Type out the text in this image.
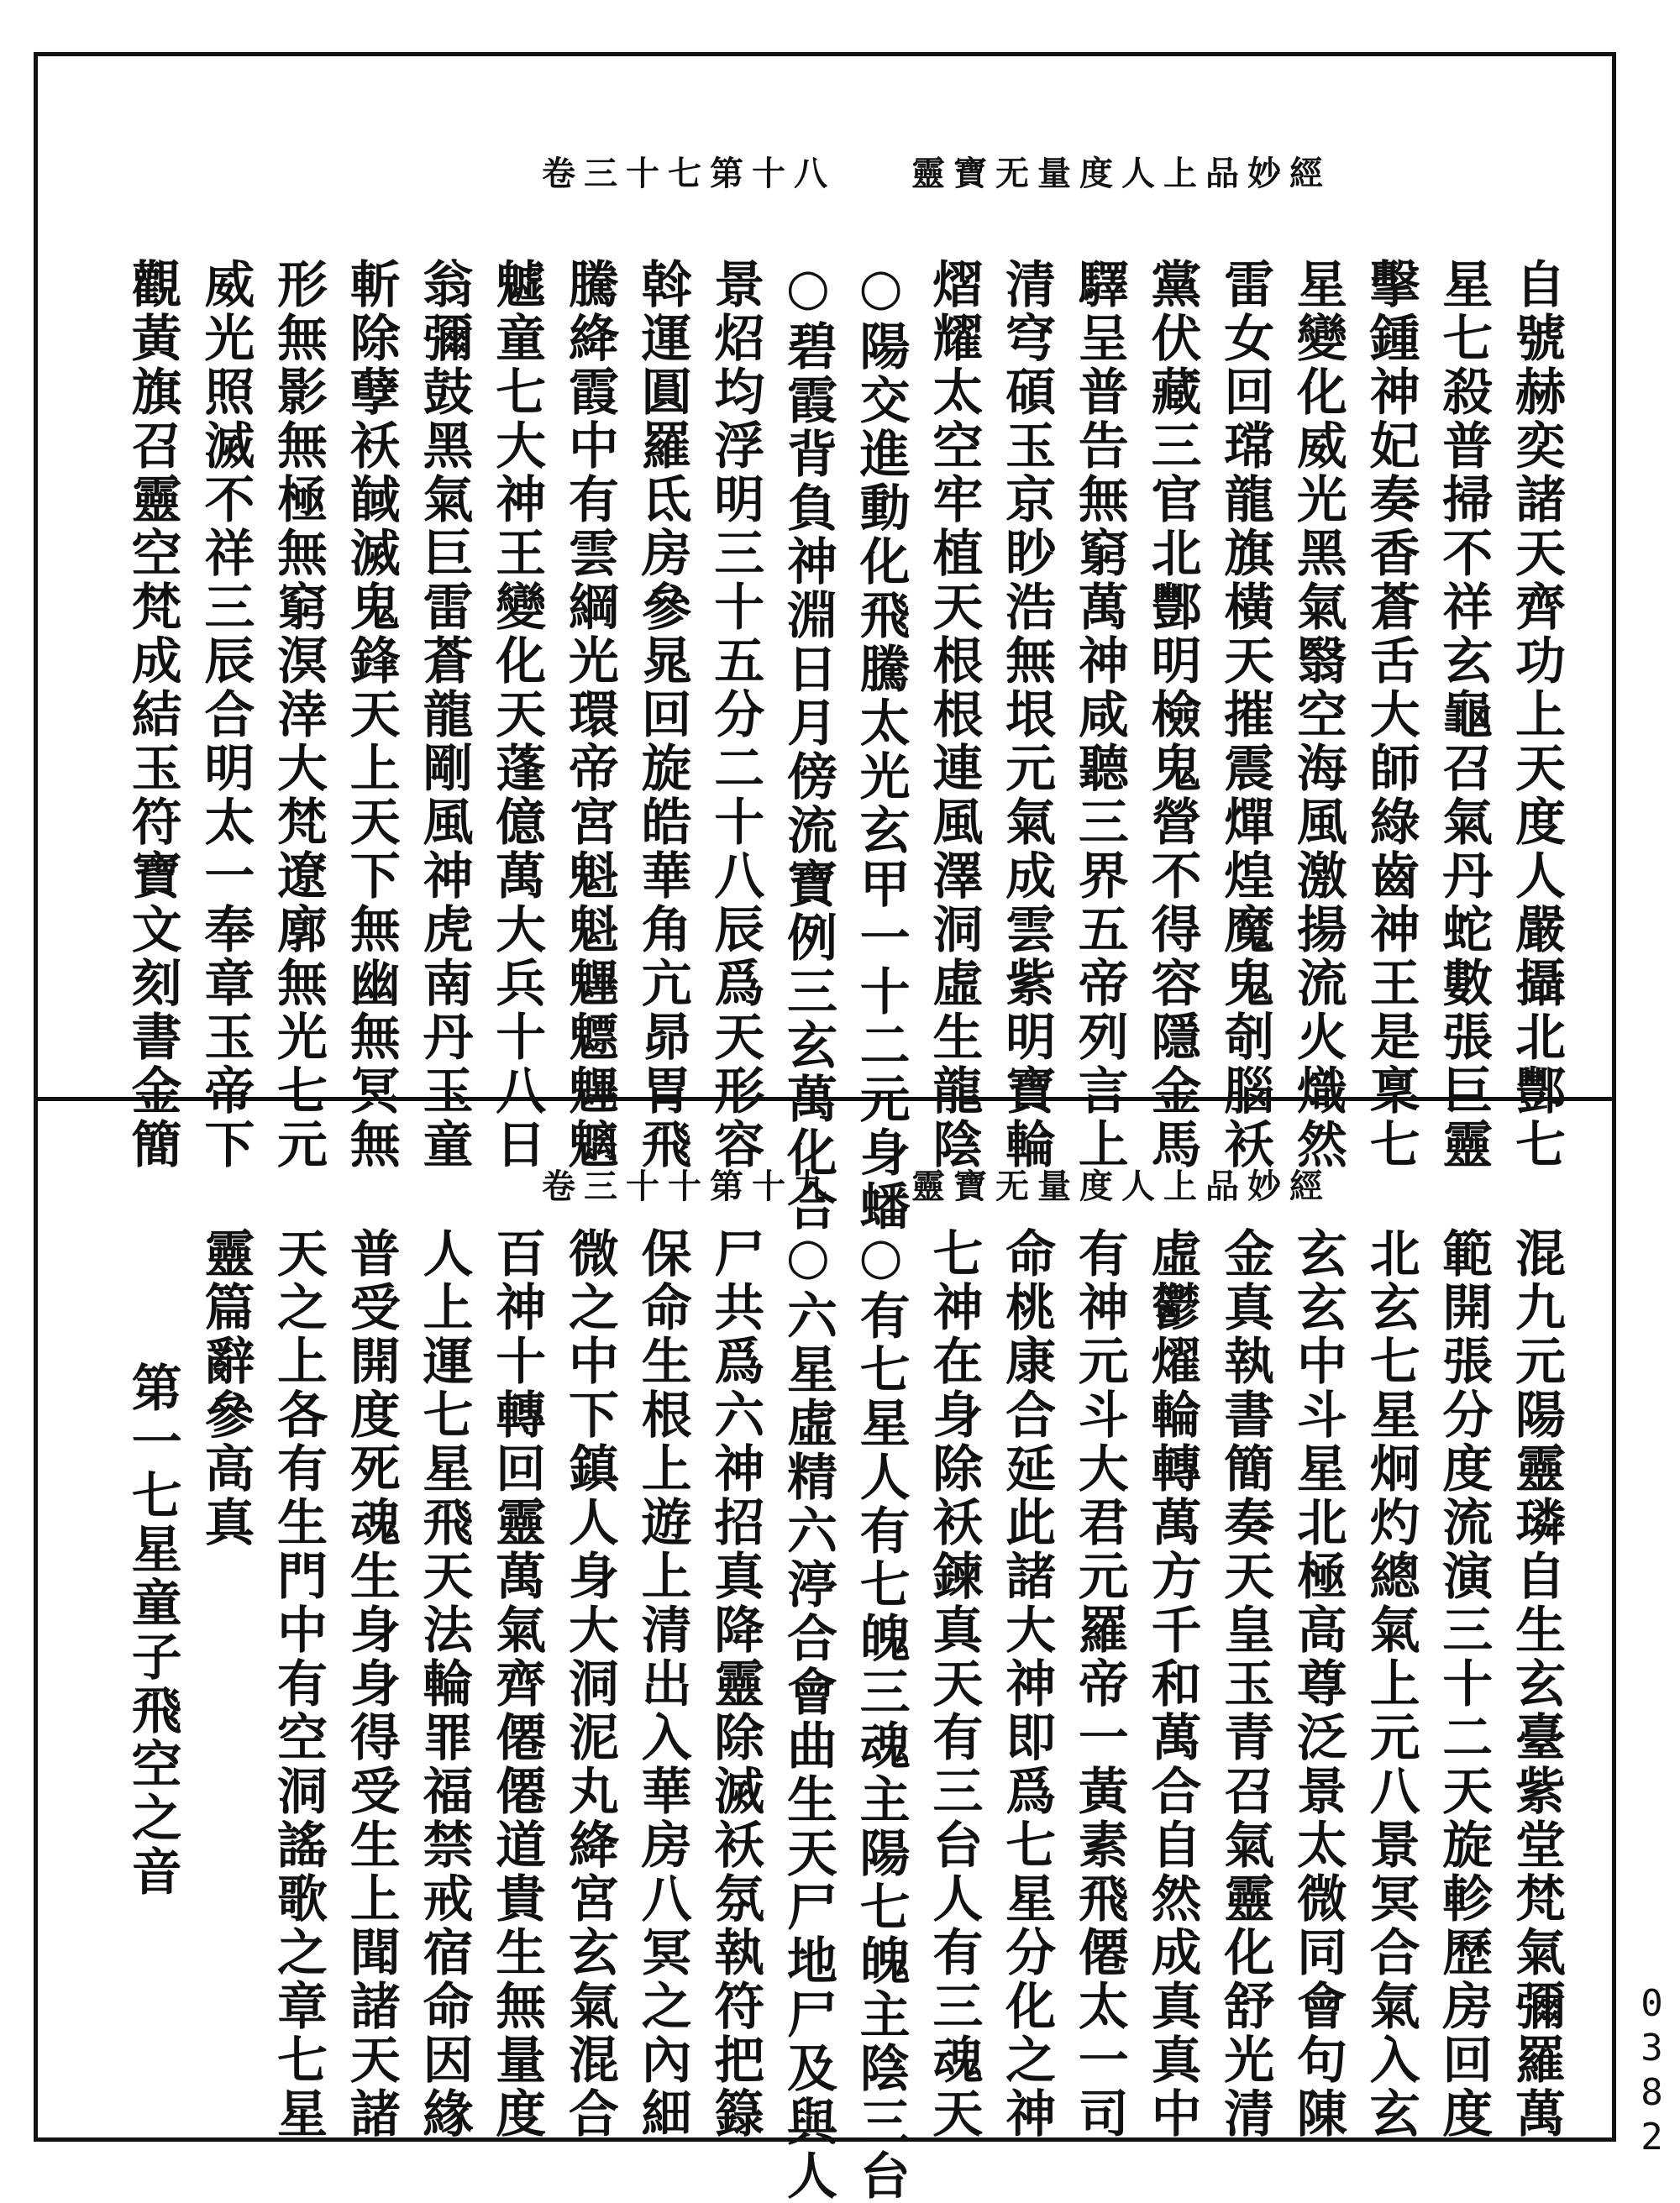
靈寶无量度人上品妙經
卷三十七第十八
自號赫奕諸天齊功上天度人嚴攝北酆七
星七殺普掃不祥玄龜召氣丹蛇數張巨靈
擊鍾神妃奏香蒼舌大師綠齒神王是稟七
星變化威光黑氣翳空海風激揚流火熾然
雷女回瑺龍旗橫天摧震燀煌魔鬼剞腦袄
黨伏藏三官北酆明檢鬼營不得容隱金馬
驛呈普告無窮萬神咸聽三界五帝列言上
清穹碩玉京眇浩無垠元氣成雲紫明寶輪
熠耀太空牢植天根根連風澤洞虛生龍陰
○陽交進動化飛騰太光玄甲一十二元身蟠
○碧霞背負神淵日月傍流寶例三玄萬化合
景炤均浮明三十五分二十八辰爲天形容
斡運圓羅氐房參晁回旋皓華角亢昴胃飛
騰絳霞中有雲綱光環帝宮魁魁魓魒魓魑
魖童七大神王變化天蓬億萬大兵十八日
翁彌鼓黑氣巨雷蒼龍剛風神虎南丹玉童
斬除孽袄馘滅鬼鋒天上天下無幽無冥無
形無影無極無窮溟涬大梵遼廓無光七元
威光照滅不祥三辰合明太一奉章玉帝下
觀黃旗召靈空梵成結玉符寶文刻書金簡
靈寶无量度人上品妙經
卷三十十第十九
混九元陽靈璘自生玄臺紫堂梵氣彌羅萬
範開張分度流演三十二天旋軫歷房回度
北玄七星炯灼總氣上元八景冥合氣入玄
玄玄中斗星北極高尊泛景太微同會句陳
金真執書簡奏天皇玉青召氣靈化舒光清
虛鬱燿輪轉萬方千和萬合自然成真真中
有神元斗大君元羅帝一黃素飛僊太一司
命桃康合延此諸大神即爲七星分化之神
七神在身除袄鍊真天有三台人有三魂天
○有七星人有七魄三魂主陽七魄主陰三台
○六星虛精六渟合會曲生天尸地尸及與人
尸共爲六神招真降靈除滅袄氛執符把籙
保命生根上遊上清出入華房八冥之內細
微之中下鎮人身大洞泥丸絳宮玄氣混合
百神十轉回靈萬氣齊僊僊道貴生無量度
人上運七星飛天法輪罪福禁戒宿命因緣
普受開度死魂生身身得受生上聞諸天諸
天之上各有生門中有空洞謠歌之章七星
靈篇辭參高真
第一七星童子飛空之音
0382
